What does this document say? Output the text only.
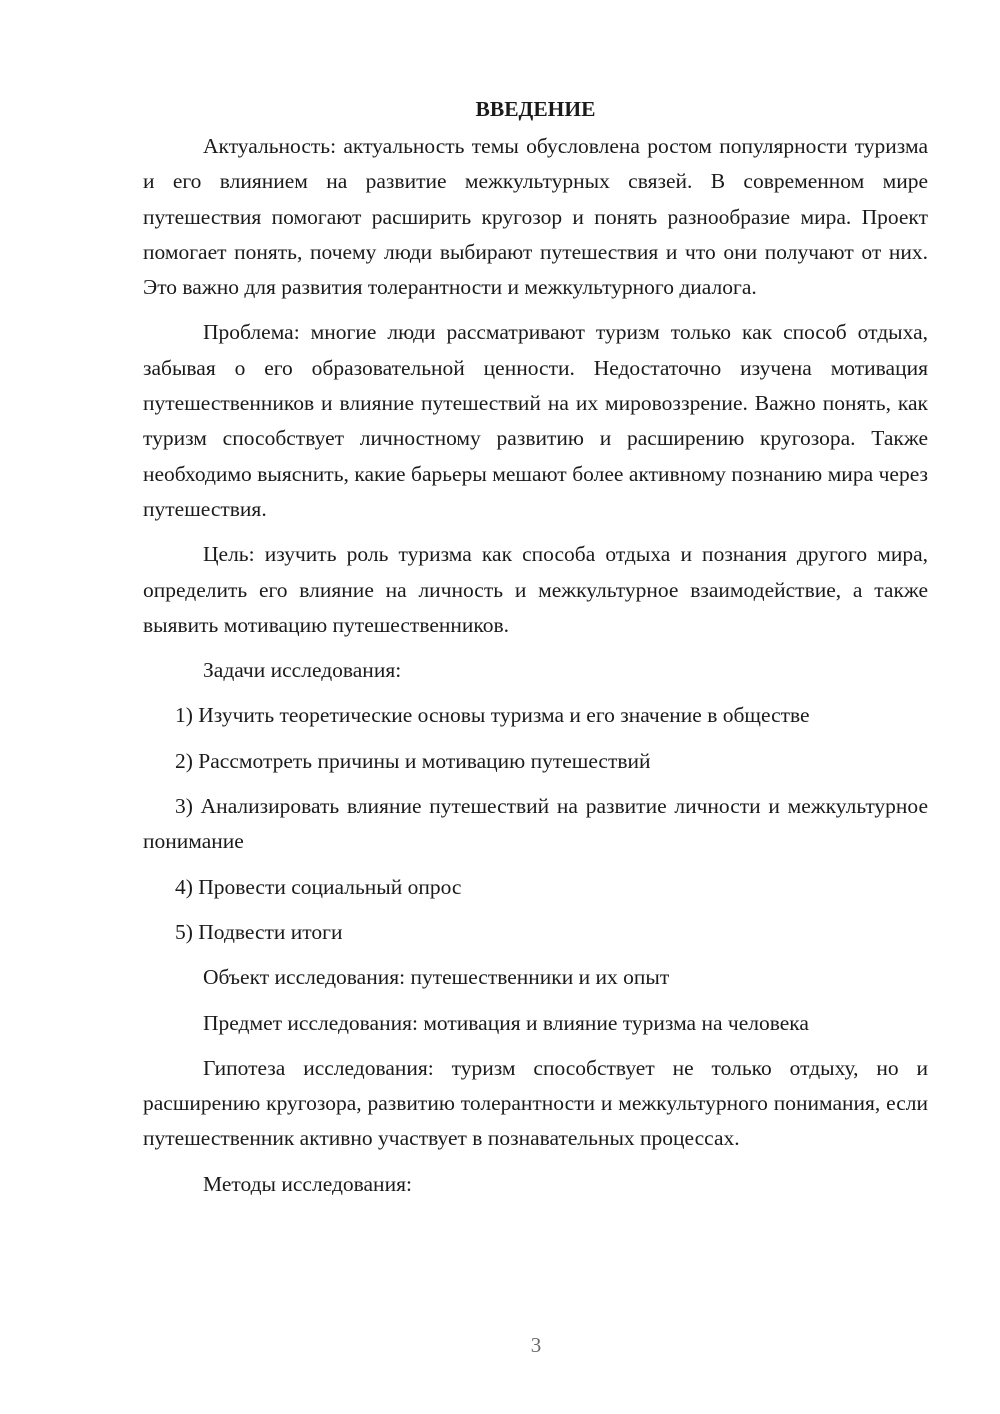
ВВЕДЕНИЕ

Актуальность: актуальность темы обусловлена ростом популярности туризма и его влиянием на развитие межкультурных связей. В современном мире путешествия помогают расширить кругозор и понять разнообразие мира. Проект помогает понять, почему люди выбирают путешествия и что они получают от них. Это важно для развития толерантности и межкультурного диалога.

Проблема: многие люди рассматривают туризм только как способ отдыха, забывая о его образовательной ценности. Недостаточно изучена мотивация путешественников и влияние путешествий на их мировоззрение. Важно понять, как туризм способствует личностному развитию и расширению кругозора. Также необходимо выяснить, какие барьеры мешают более активному познанию мира через путешествия.

Цель: изучить роль туризма как способа отдыха и познания другого мира, определить его влияние на личность и межкультурное взаимодействие, а также выявить мотивацию путешественников.

Задачи исследования:

1) Изучить теоретические основы туризма и его значение в обществе

2) Рассмотреть причины и мотивацию путешествий

3) Анализировать влияние путешествий на развитие личности и межкультурное понимание

4) Провести социальный опрос

5) Подвести итоги

Объект исследования: путешественники и их опыт

Предмет исследования: мотивация и влияние туризма на человека

Гипотеза исследования: туризм способствует не только отдыху, но и расширению кругозора, развитию толерантности и межкультурного понимания, если путешественник активно участвует в познавательных процессах.

Методы исследования:

3
